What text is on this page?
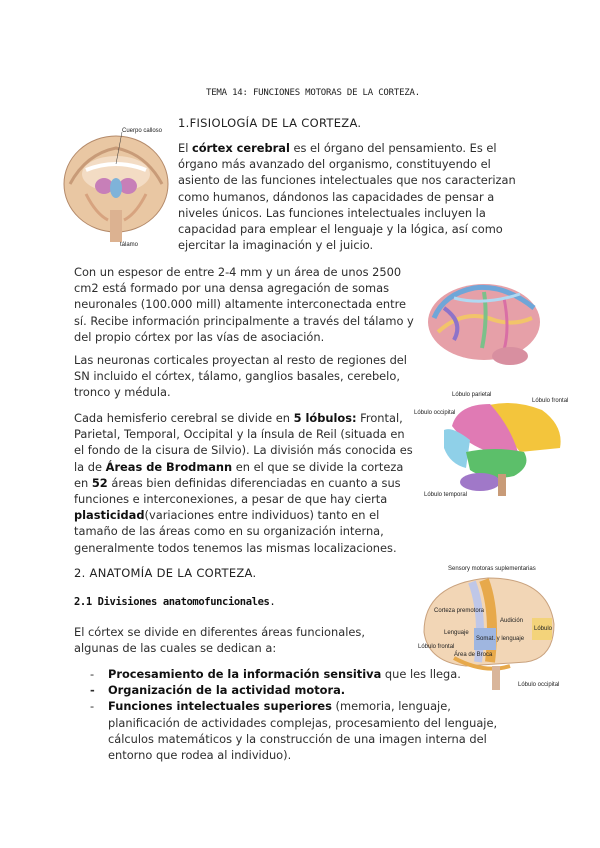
TEMA 14: FUNCIONES MOTORAS DE LA CORTEZA.
Cuerpo calloso
tálamo
1.FISIOLOGÍA DE LA CORTEZA.
El córtex cerebral es el órgano del pensamiento. Es el órgano más avanzado del organismo, constituyendo el asiento de las funciones intelectuales que nos caracterizan como humanos, dándonos las capacidades de pensar a niveles únicos. Las funciones intelectuales incluyen la capacidad para emplear el lenguaje y la lógica, así como ejercitar la imaginación y el juicio.
Con un espesor de entre 2-4 mm y un área de unos 2500 cm2 está formado por una densa agregación de somas neuronales (100.000 mill) altamente interconectada entre sí. Recibe información principalmente a través del tálamo y del propio córtex por las vías de asociación.
Las neuronas corticales proyectan al resto de regiones del SN incluido el córtex, tálamo, ganglios basales, cerebelo, tronco y médula.	Lóbulo parietal
Lóbulo frontal
Lóbulo occipital
Lóbulo temporal
Cada hemisferio cerebral se divide en 5 lóbulos: Frontal, Parietal, Temporal, Occipital y la ínsula de Reil (situada en el fondo de la cisura de Silvio). La división más conocida es la de Áreas de Brodmann en el que se divide la corteza en 52 áreas bien definidas diferenciadas en cuanto a sus funciones e interconexiones, a pesar de que hay cierta plasticidad(variaciones entre individuos) tanto en el tamaño de las áreas como en su organización interna, generalmente todos tenemos las mismas localizaciones.
2. ANATOMÍA DE LA CORTEZA.
2.1 Divisiones anatomofuncionales.
Sensory motoras suplementarias
Corteza premotora
Lenguaje
Audición
Lóbulo frontal
Somat. y lenguaje
Área de Broca
Lóbulo
Lóbulo occipital
El córtex se divide en diferentes áreas funcionales, algunas de las cuales se dedican a:
- Procesamiento de la información sensitiva que les llega.
- Organización de la actividad motora.
- Funciones intelectuales superiores (memoria, lenguaje, planificación de actividades complejas, procesamiento del lenguaje, cálculos matemáticos y la construcción de una imagen interna del entorno que rodea al individuo).
